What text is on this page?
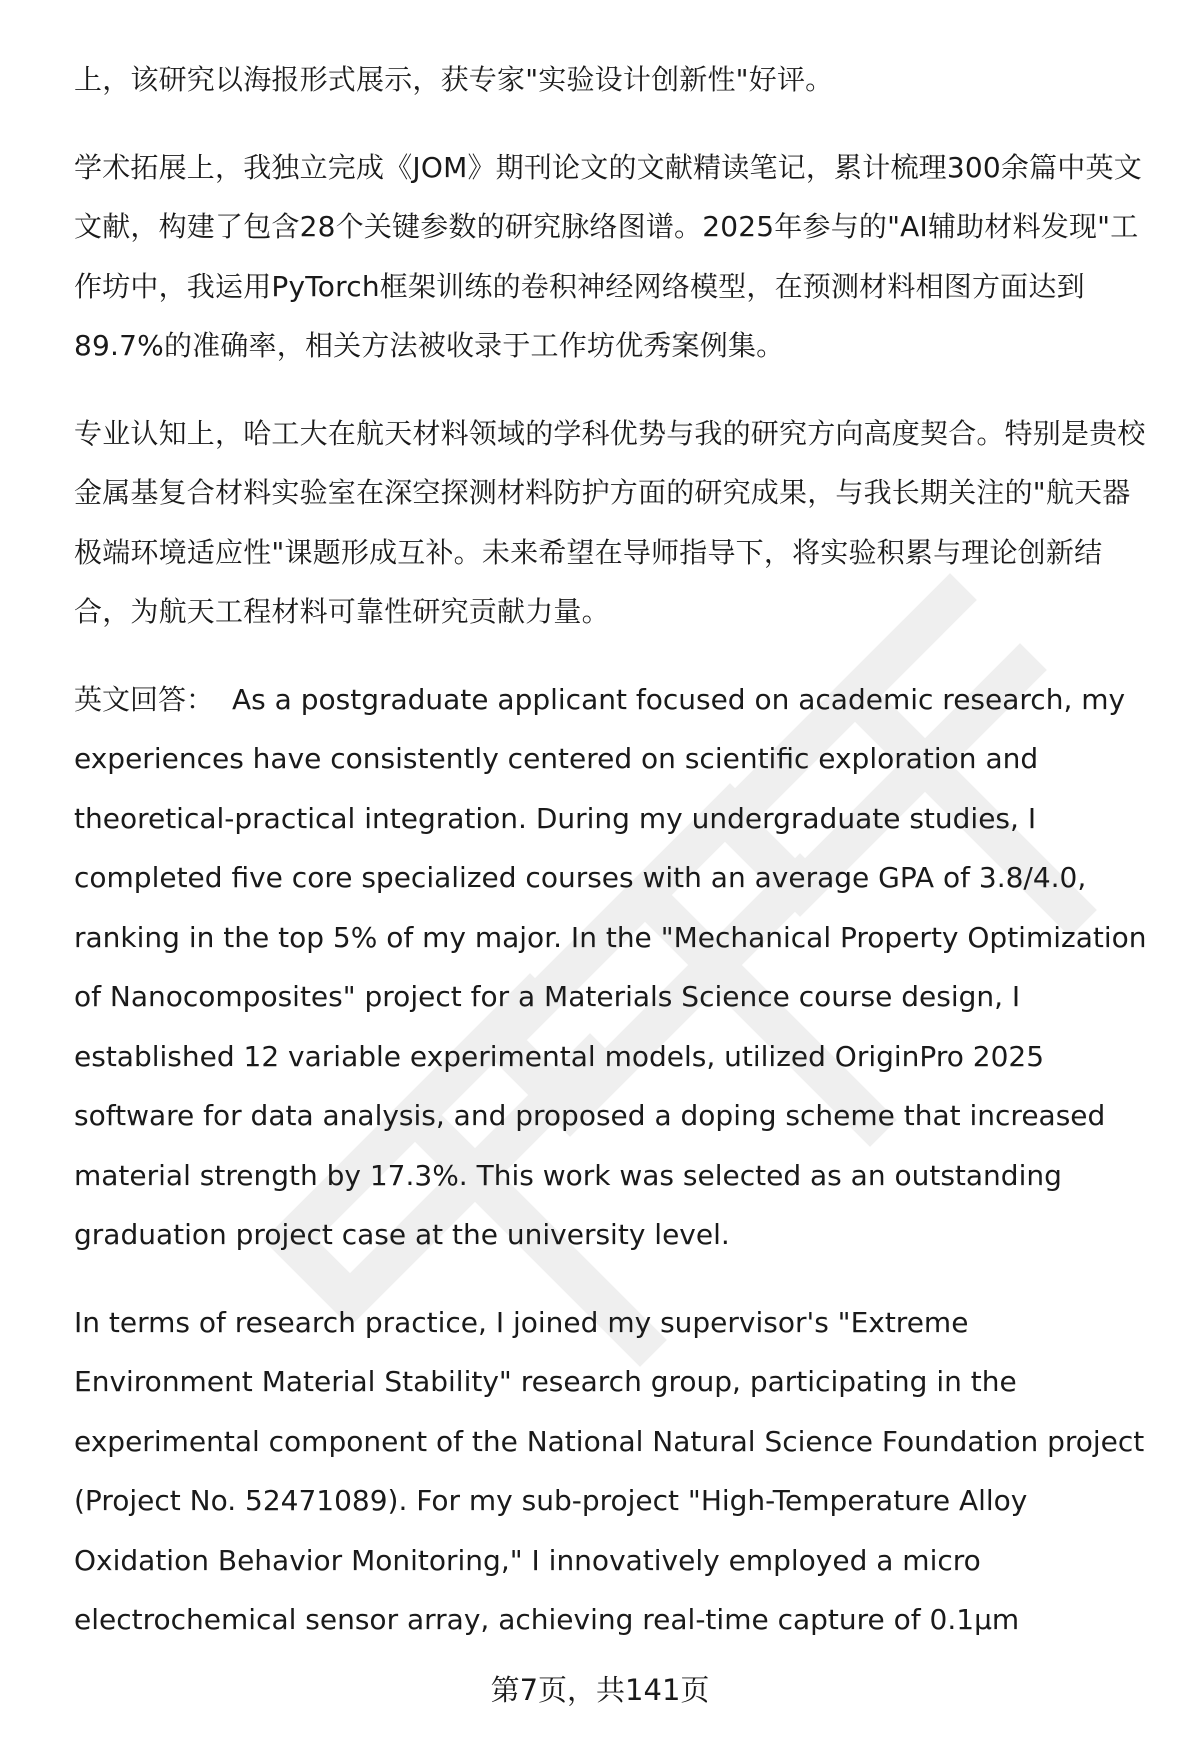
上，该研究以海报形式展示，获专家"实验设计创新性"好评。

学术拓展上，我独立完成《JOM》期刊论文的文献精读笔记，累计梳理300余篇中英文文献，构建了包含28个关键参数的研究脉络图谱。2025年参与的"AI辅助材料发现"工作坊中，我运用PyTorch框架训练的卷积神经网络模型，在预测材料相图方面达到89.7%的准确率，相关方法被收录于工作坊优秀案例集。

专业认知上，哈工大在航天材料领域的学科优势与我的研究方向高度契合。特别是贵校金属基复合材料实验室在深空探测材料防护方面的研究成果，与我长期关注的"航天器极端环境适应性"课题形成互补。未来希望在导师指导下，将实验积累与理论创新结合，为航天工程材料可靠性研究贡献力量。

英文回答： As a postgraduate applicant focused on academic research, my experiences have consistently centered on scientific exploration and theoretical-practical integration. During my undergraduate studies, I completed five core specialized courses with an average GPA of 3.8/4.0, ranking in the top 5% of my major. In the "Mechanical Property Optimization of Nanocomposites" project for a Materials Science course design, I established 12 variable experimental models, utilized OriginPro 2025 software for data analysis, and proposed a doping scheme that increased material strength by 17.3%. This work was selected as an outstanding graduation project case at the university level.

In terms of research practice, I joined my supervisor's "Extreme Environment Material Stability" research group, participating in the experimental component of the National Natural Science Foundation project (Project No. 52471089). For my sub-project "High-Temperature Alloy Oxidation Behavior Monitoring," I innovatively employed a micro electrochemical sensor array, achieving real-time capture of 0.1μm

第7页，共141页
